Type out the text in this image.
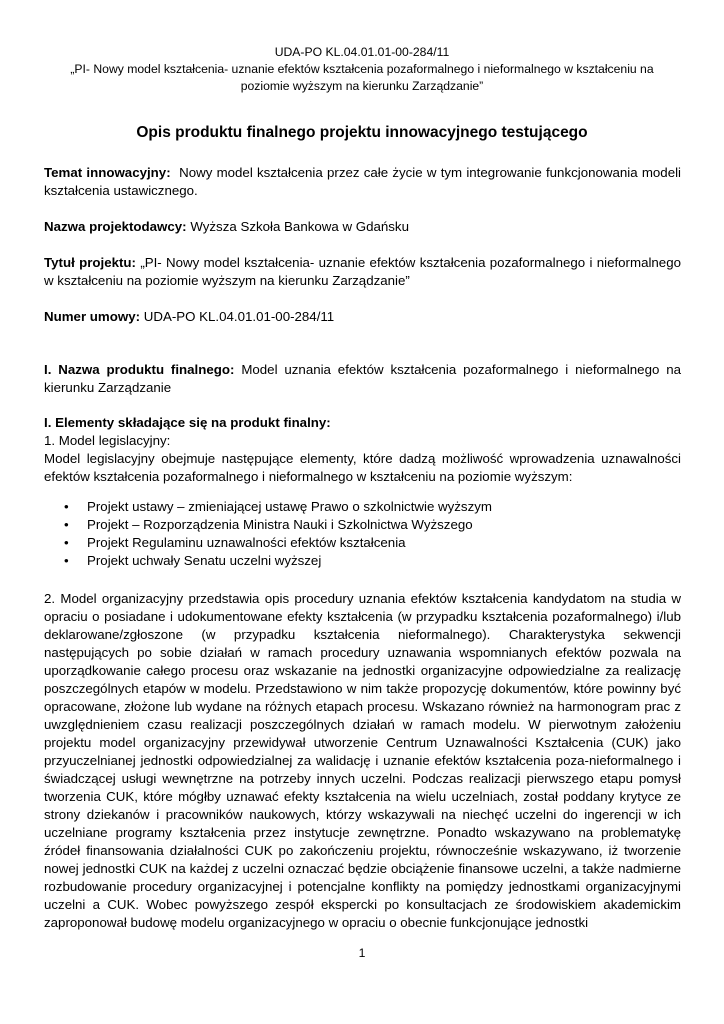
UDA-PO KL.04.01.01-00-284/11
„PI- Nowy model kształcenia- uznanie efektów kształcenia pozaformalnego i nieformalnego w kształceniu na
poziomie wyższym na kierunku Zarządzanie”
Opis produktu finalnego projektu innowacyjnego testującego
Temat innowacyjny: Nowy model kształcenia przez całe życie w tym integrowanie funkcjonowania modeli kształcenia ustawicznego.
Nazwa projektodawcy: Wyższa Szkoła Bankowa w Gdańsku
Tytuł projektu: „PI- Nowy model kształcenia- uznanie efektów kształcenia pozaformalnego i nieformalnego w kształceniu na poziomie wyższym na kierunku Zarządzanie”
Numer umowy: UDA-PO KL.04.01.01-00-284/11
I. Nazwa produktu finalnego: Model uznania efektów kształcenia pozaformalnego i nieformalnego na kierunku Zarządzanie
I. Elementy składające się na produkt finalny:
1. Model legislacyjny:
Model legislacyjny obejmuje następujące elementy, które dadzą możliwość wprowadzenia uznawalności efektów kształcenia pozaformalnego i nieformalnego w kształceniu na poziomie wyższym:
•	Projekt ustawy – zmieniającej ustawę Prawo o szkolnictwie wyższym
•	Projekt – Rozporządzenia Ministra Nauki i Szkolnictwa Wyższego
•	Projekt Regulaminu uznawalności efektów kształcenia
•	Projekt uchwały Senatu uczelni wyższej
2. Model organizacyjny przedstawia opis procedury uznania efektów kształcenia kandydatom na studia w opraciu o posiadane i udokumentowane efekty kształcenia (w przypadku kształcenia pozaformalnego) i/lub deklarowane/zgłoszone (w przypadku kształcenia nieformalnego). Charakterystyka sekwencji następujących po sobie działań w ramach procedury uznawania wspomnianych efektów pozwala na uporządkowanie całego procesu oraz wskazanie na jednostki organizacyjne odpowiedzialne za realizację poszczególnych etapów w modelu. Przedstawiono w nim także propozycję dokumentów, które powinny być opracowane, złożone lub wydane na różnych etapach procesu. Wskazano również na harmonogram prac z uwzględnieniem czasu realizacji poszczególnych działań w ramach modelu. W pierwotnym założeniu projektu model organizacyjny przewidywał utworzenie Centrum Uznawalności Kształcenia (CUK) jako przyuczelnianej jednostki odpowiedzialnej za walidację i uznanie efektów kształcenia poza-nieformalnego i świadczącej usługi wewnętrzne na potrzeby innych uczelni. Podczas realizacji pierwszego etapu pomysł tworzenia CUK, które mógłby uznawać efekty kształcenia na wielu uczelniach, został poddany krytyce ze strony dziekanów i pracowników naukowych, którzy wskazywali na niechęć uczelni do ingerencji w ich uczelniane programy kształcenia przez instytucje zewnętrzne. Ponadto wskazywano na problematykę źródeł finansowania działalności CUK po zakończeniu projektu, równocześnie wskazywano, iż tworzenie nowej jednostki CUK na każdej z uczelni oznaczać będzie obciążenie finansowe uczelni, a także nadmierne rozbudowanie procedury organizacyjnej i potencjalne konflikty na pomiędzy jednostkami organizacyjnymi uczelni a CUK. Wobec powyższego zespół ekspercki po konsultacjach ze środowiskiem akademickim zaproponował budowę modelu organizacyjnego w opraciu o obecnie funkcjonujące jednostki
1
